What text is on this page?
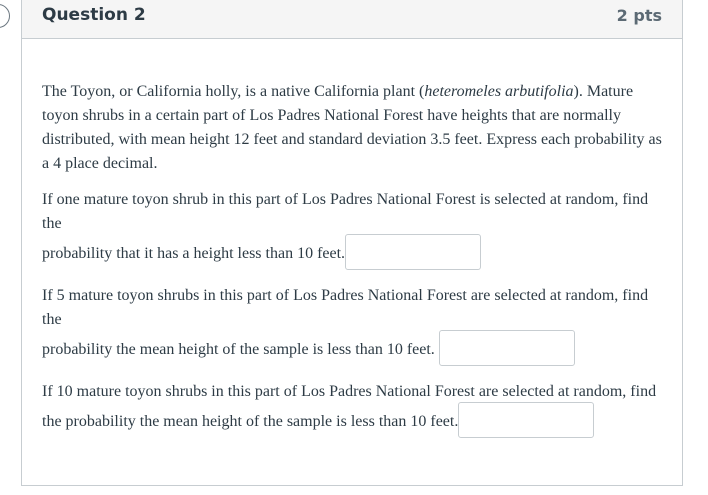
Question 2	2 pts

The Toyon, or California holly, is a native California plant (heteromeles arbutifolia). Mature toyon shrubs in a certain part of Los Padres National Forest have heights that are normally distributed, with mean height 12 feet and standard deviation 3.5 feet. Express each probability as a 4 place decimal.

If one mature toyon shrub in this part of Los Padres National Forest is selected at random, find the
probability that it has a height less than 10 feet.

If 5 mature toyon shrubs in this part of Los Padres National Forest are selected at random, find the
probability the mean height of the sample is less than 10 feet.

If 10 mature toyon shrubs in this part of Los Padres National Forest are selected at random, find
the probability the mean height of the sample is less than 10 feet.
